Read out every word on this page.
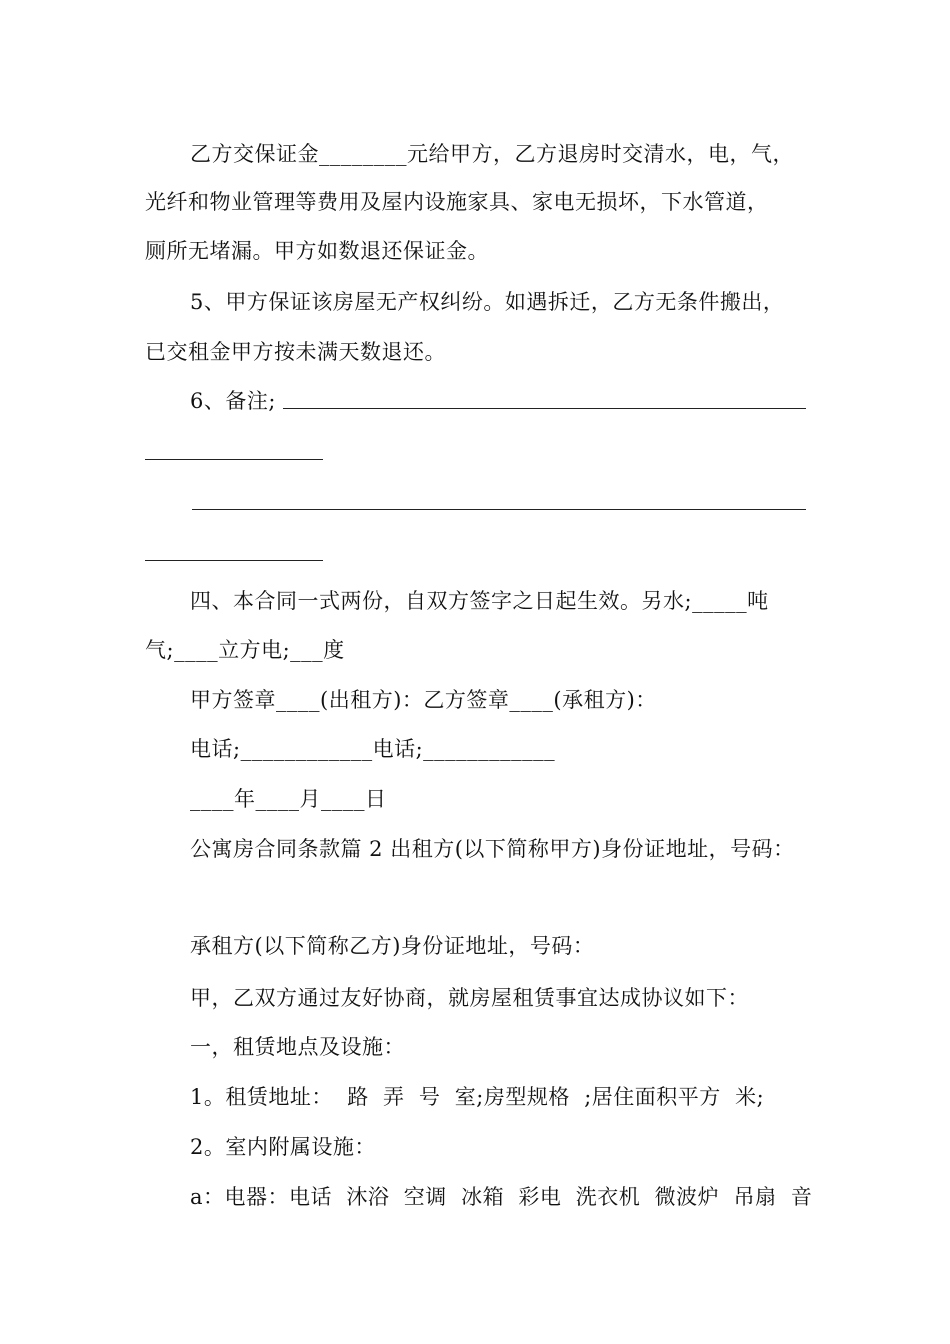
乙方交保证金________元给甲方，乙方退房时交清水，电，气，
光纤和物业管理等费用及屋内设施家具、家电无损坏，下水管道，
厕所无堵漏。甲方如数退还保证金。
5、甲方保证该房屋无产权纠纷。如遇拆迁，乙方无条件搬出，
已交租金甲方按未满天数退还。
6、备注;
四、本合同一式两份，自双方签字之日起生效。另水;_____吨
气;____立方电;___度
甲方签章____(出租方)：乙方签章____(承租方)：
电话;____________电话;____________
____年____月____日
公寓房合同条款篇 2 出租方(以下简称甲方)身份证地址，号码：
承租方(以下简称乙方)身份证地址，号码：
甲，乙双方通过友好协商，就房屋租赁事宜达成协议如下：
一，租赁地点及设施：
1。租赁地址：  路  弄  号  室;房型规格  ;居住面积平方  米;
2。室内附属设施：
a：电器：电话  沐浴  空调  冰箱  彩电  洗衣机  微波炉  吊扇  音
